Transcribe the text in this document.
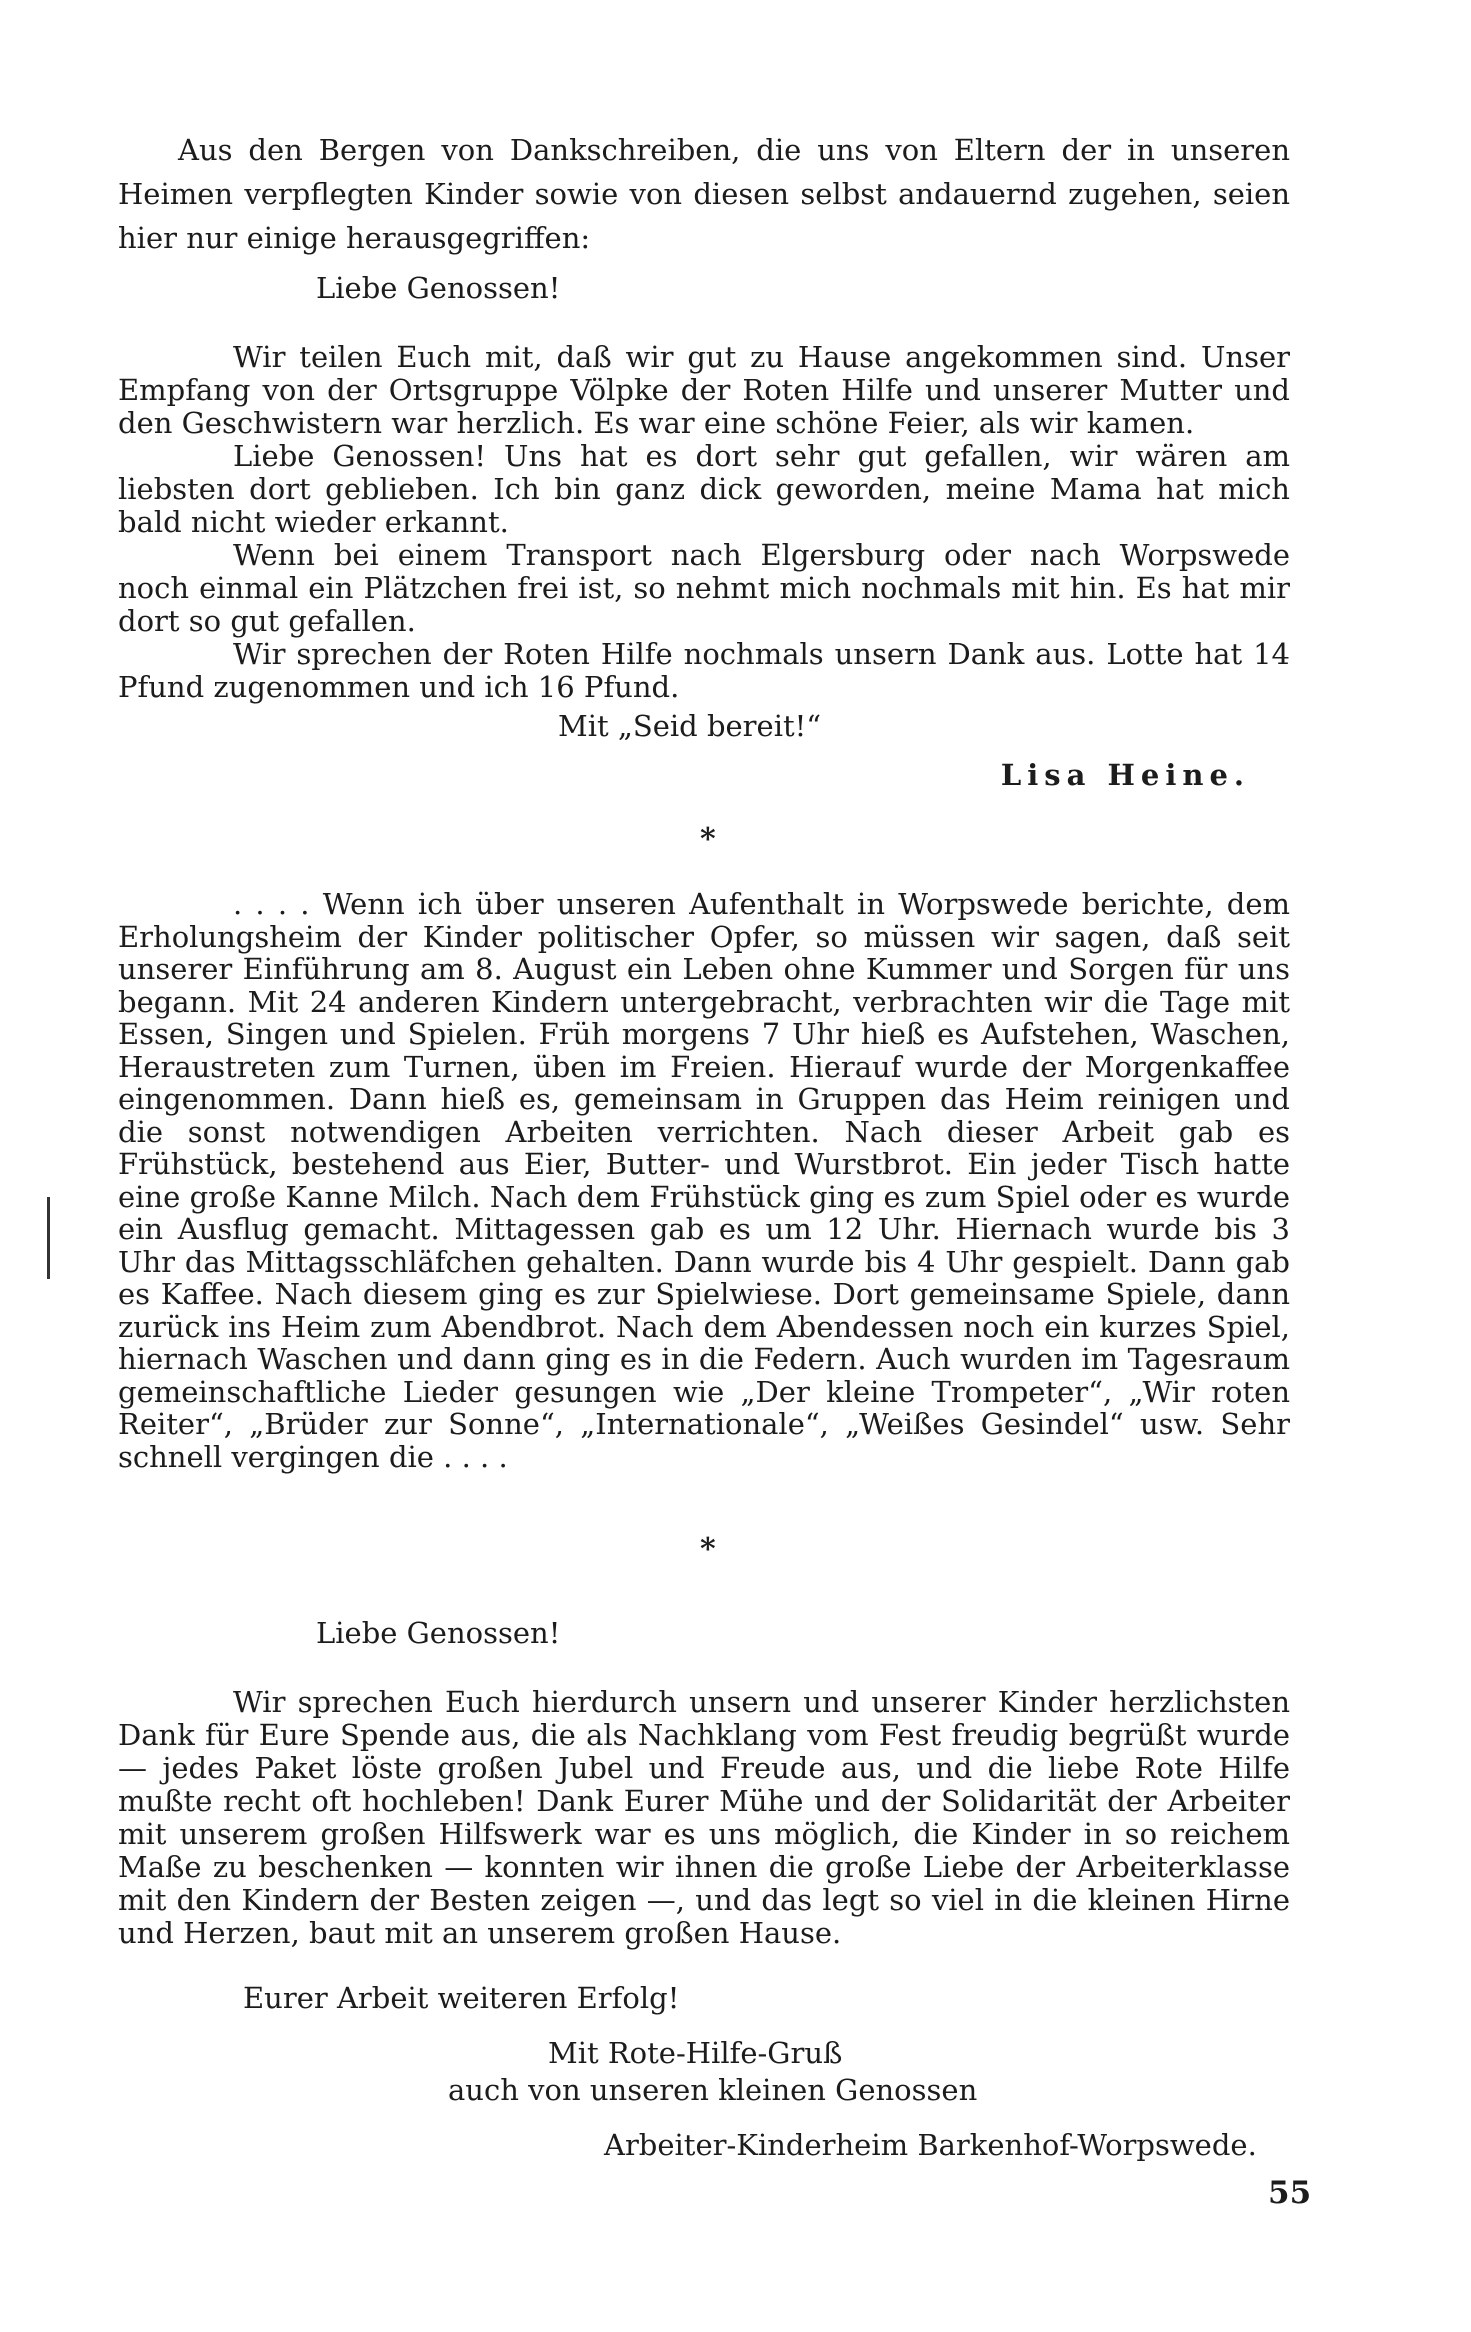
Aus den Bergen von Dankschreiben, die uns von Eltern der in unseren Heimen verpflegten Kinder sowie von diesen selbst andauernd zugehen, seien hier nur einige herausgegriffen:

Liebe Genossen!

Wir teilen Euch mit, daß wir gut zu Hause angekommen sind. Unser Empfang von der Ortsgruppe Völpke der Roten Hilfe und unserer Mutter und den Geschwistern war herzlich. Es war eine schöne Feier, als wir kamen.

Liebe Genossen! Uns hat es dort sehr gut gefallen, wir wären am liebsten dort geblieben. Ich bin ganz dick geworden, meine Mama hat mich bald nicht wieder erkannt.

Wenn bei einem Transport nach Elgersburg oder nach Worpswede noch einmal ein Plätzchen frei ist, so nehmt mich nochmals mit hin. Es hat mir dort so gut gefallen.

Wir sprechen der Roten Hilfe nochmals unsern Dank aus. Lotte hat 14 Pfund zugenommen und ich 16 Pfund.

Mit „Seid bereit!“

Lisa Heine.

*

. . . . Wenn ich über unseren Aufenthalt in Worpswede berichte, dem Erholungsheim der Kinder politischer Opfer, so müssen wir sagen, daß seit unserer Einführung am 8. August ein Leben ohne Kummer und Sorgen für uns begann. Mit 24 anderen Kindern untergebracht, verbrachten wir die Tage mit Essen, Singen und Spielen. Früh morgens 7 Uhr hieß es Aufstehen, Waschen, Heraustreten zum Turnen, üben im Freien. Hierauf wurde der Morgenkaffee eingenommen. Dann hieß es, gemeinsam in Gruppen das Heim reinigen und die sonst notwendigen Arbeiten verrichten. Nach dieser Arbeit gab es Frühstück, bestehend aus Eier, Butter- und Wurstbrot. Ein jeder Tisch hatte eine große Kanne Milch. Nach dem Frühstück ging es zum Spiel oder es wurde ein Ausflug gemacht. Mittagessen gab es um 12 Uhr. Hiernach wurde bis 3 Uhr das Mittagsschläfchen gehalten. Dann wurde bis 4 Uhr gespielt. Dann gab es Kaffee. Nach diesem ging es zur Spielwiese. Dort gemeinsame Spiele, dann zurück ins Heim zum Abendbrot. Nach dem Abendessen noch ein kurzes Spiel, hiernach Waschen und dann ging es in die Federn. Auch wurden im Tagesraum gemeinschaftliche Lieder gesungen wie „Der kleine Trompeter“, „Wir roten Reiter“, „Brüder zur Sonne“, „Internationale“, „Weißes Gesindel“ usw. Sehr schnell vergingen die . . . .

*

Liebe Genossen!

Wir sprechen Euch hierdurch unsern und unserer Kinder herzlichsten Dank für Eure Spende aus, die als Nachklang vom Fest freudig begrüßt wurde — jedes Paket löste großen Jubel und Freude aus, und die liebe Rote Hilfe mußte recht oft hochleben! Dank Eurer Mühe und der Solidarität der Arbeiter mit unserem großen Hilfswerk war es uns möglich, die Kinder in so reichem Maße zu beschenken — konnten wir ihnen die große Liebe der Arbeiterklasse mit den Kindern der Besten zeigen —, und das legt so viel in die kleinen Hirne und Herzen, baut mit an unserem großen Hause.

Eurer Arbeit weiteren Erfolg!

Mit Rote-Hilfe-Gruß

auch von unseren kleinen Genossen

Arbeiter-Kinderheim Barkenhof-Worpswede.

55
